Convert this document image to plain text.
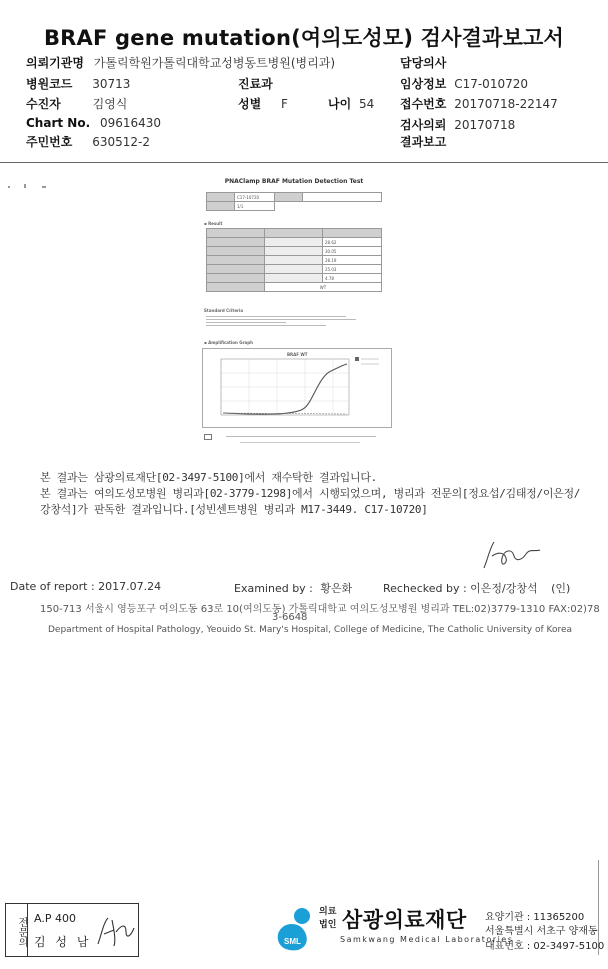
BRAF gene mutation(여의도성모) 검사결과보고서
의뢰기관명 가톨릭학원가톨릭대학교성병동트병원(병리과)	담당의사
병원코드 30713	진료과	임상정보 C17-010720
수진자	김영식	성별 F	나이 54 접수번호 20170718-22147
Chart No. 09616430	검사의뢰 20170718
주민번호 630512-2	결과보고
PNAClamp BRAF Mutation Detection Test
	C17-10720		
	1/1		
▪ Result

		28.62
		30.05
		28.19
		25.03
		4.78
	WT	
Standard Criteria
▪ Amplification Graph
BRAF WT
본 결과는 삼광의료재단[02-3497-5100]에서 재수탁한 결과입니다.
본 결과는 여의도성모병원 병리과[02-3779-1298]에서 시행되었으며, 병리과 전문의[정요섭/김태정/이은정/
강창석]가 판독한 결과입니다.[성빈센트병원 병리과 M17-3449. C17-10720]
Date of report : 2017.07.24	Examined by : 황은화	Rechecked by : 이은정/강창석 (인)
150-713 서울시 영등포구 여의도동 63로 10(여의도동) 가톨릭대학교 여의도성모병원 병리과 TEL:02)3779-1310 FAX:02)78
3-6648
Department of Hospital Pathology, Yeouido St. Mary's Hospital, College of Medicine, The Catholic University of Korea
전문의 A.P 400
김 성 남	SML
의료
법인 삼광의료재단
Samkwang Medical Laboratories
요양기관 : 11365200
서울특별시 서초구 양재동
대표번호 : 02-3497-5100
